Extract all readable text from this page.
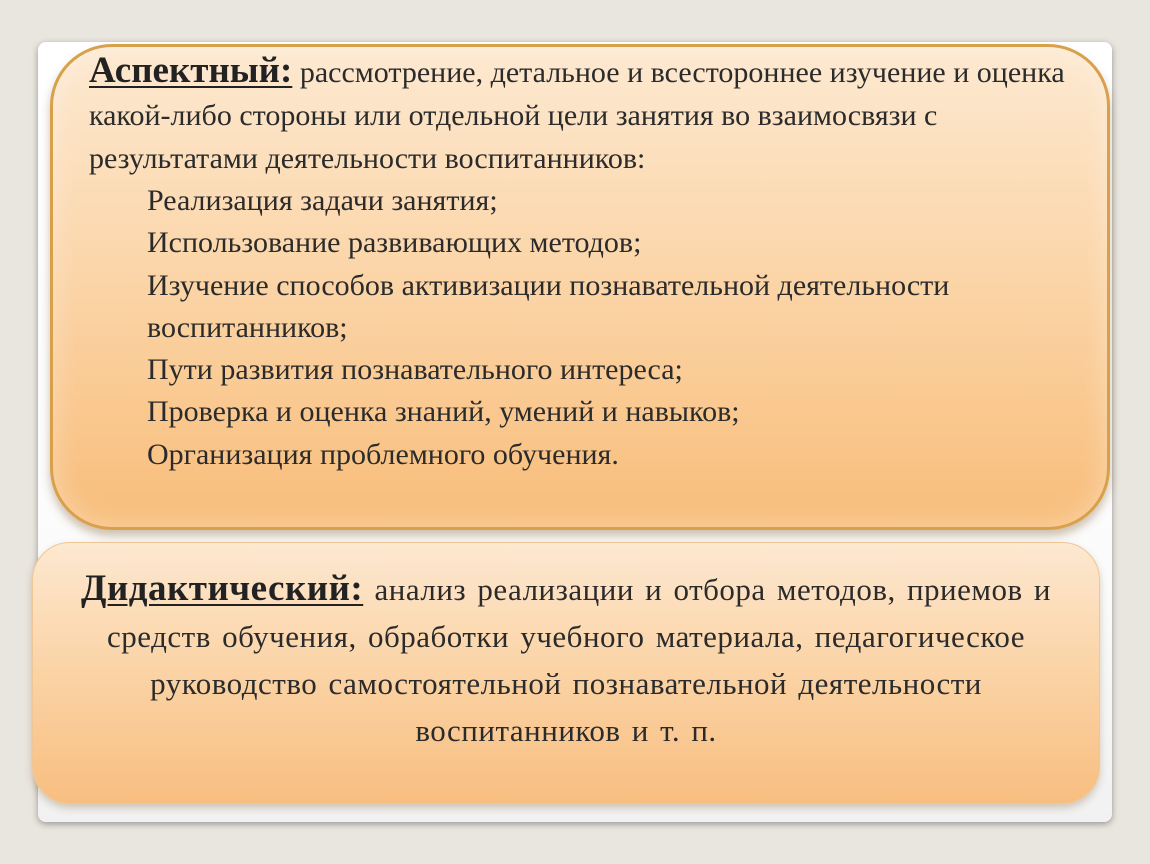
Аспектный: рассмотрение, детальное и всестороннее изучение и оценка какой-либо стороны или отдельной цели занятия во взаимосвязи с результатами деятельности воспитанников:

Реализация задачи занятия;
Использование развивающих методов;
Изучение способов активизации познавательной деятельности воспитанников;
Пути развития познавательного интереса;
Проверка и оценка знаний, умений и навыков;
Организация проблемного обучения.

Дидактический: анализ реализации и отбора методов, приемов и средств обучения, обработки учебного материала, педагогическое руководство самостоятельной познавательной деятельности воспитанников и т. п.
